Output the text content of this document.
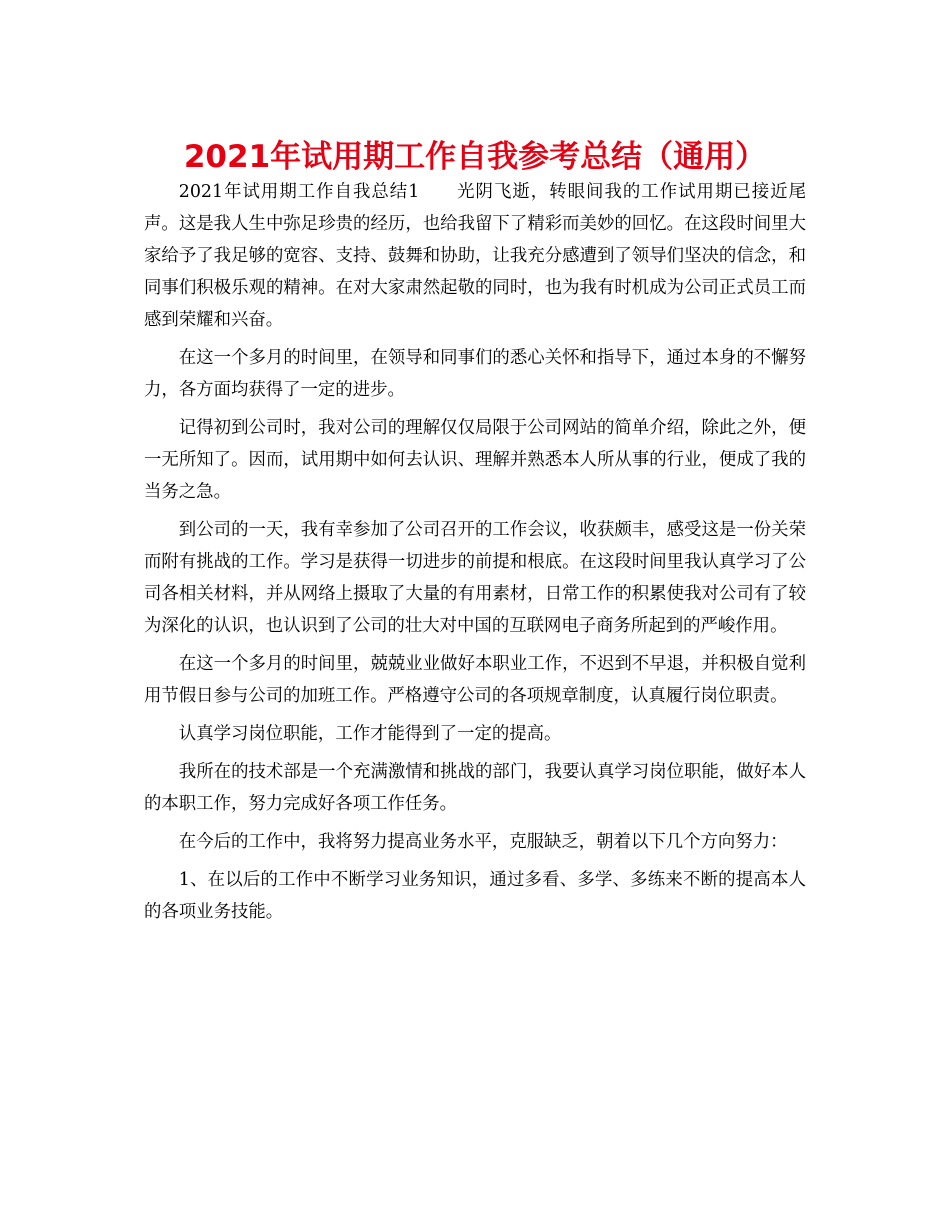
2021年试用期工作自我参考总结（通用）

2021年试用期工作自我总结1　　光阴飞逝，转眼间我的工作试用期已接近尾声。这是我人生中弥足珍贵的经历，也给我留下了精彩而美妙的回忆。在这段时间里大家给予了我足够的宽容、支持、鼓舞和协助，让我充分感遭到了领导们坚决的信念，和同事们积极乐观的精神。在对大家肃然起敬的同时，也为我有时机成为公司正式员工而感到荣耀和兴奋。

在这一个多月的时间里，在领导和同事们的悉心关怀和指导下，通过本身的不懈努力，各方面均获得了一定的进步。

记得初到公司时，我对公司的理解仅仅局限于公司网站的简单介绍，除此之外，便一无所知了。因而，试用期中如何去认识、理解并熟悉本人所从事的行业，便成了我的当务之急。

到公司的一天，我有幸参加了公司召开的工作会议，收获颇丰，感受这是一份关荣而附有挑战的工作。学习是获得一切进步的前提和根底。在这段时间里我认真学习了公司各相关材料，并从网络上摄取了大量的有用素材，日常工作的积累使我对公司有了较为深化的认识，也认识到了公司的壮大对中国的互联网电子商务所起到的严峻作用。

在这一个多月的时间里，兢兢业业做好本职业工作，不迟到不早退，并积极自觉利用节假日参与公司的加班工作。严格遵守公司的各项规章制度，认真履行岗位职责。

认真学习岗位职能，工作才能得到了一定的提高。

我所在的技术部是一个充满激情和挑战的部门，我要认真学习岗位职能，做好本人的本职工作，努力完成好各项工作任务。

在今后的工作中，我将努力提高业务水平，克服缺乏，朝着以下几个方向努力：

1、在以后的工作中不断学习业务知识，通过多看、多学、多练来不断的提高本人的各项业务技能。
